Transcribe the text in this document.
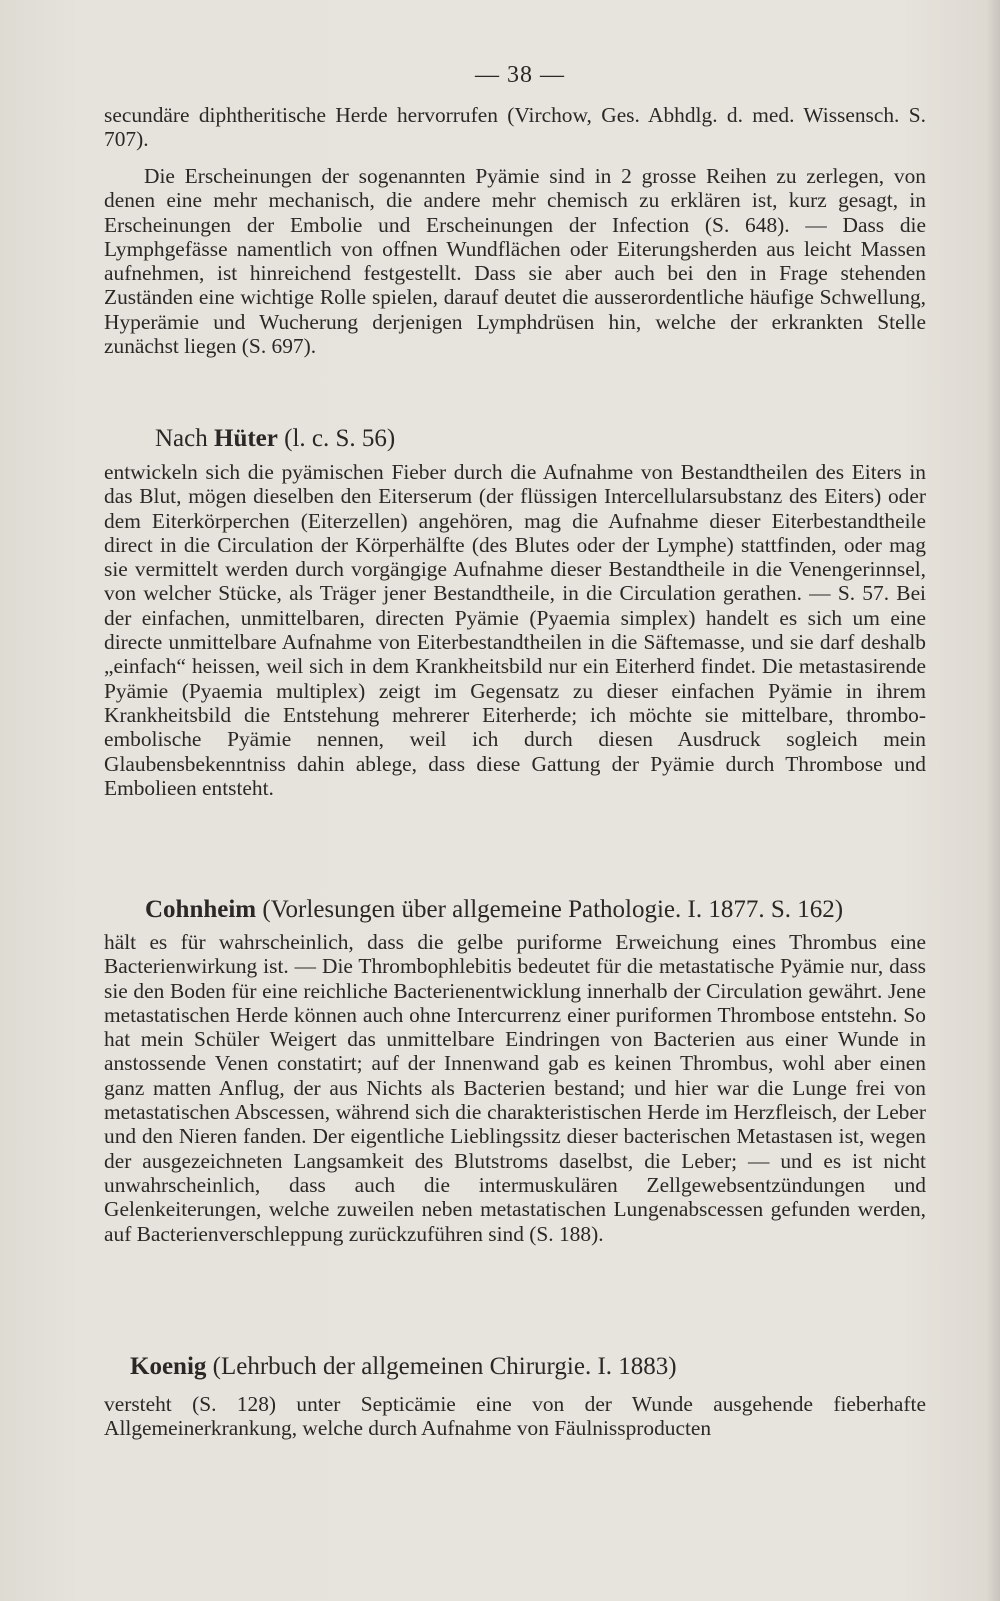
— 38 —

secundäre diphtheritische Herde hervorrufen (Virchow, Ges. Abhdlg. d. med. Wissensch. S. 707).

Die Erscheinungen der sogenannten Pyämie sind in 2 grosse Reihen zu zerlegen, von denen eine mehr mechanisch, die andere mehr chemisch zu erklären ist, kurz gesagt, in Erscheinungen der Embolie und Erscheinungen der Infection (S. 648). — Dass die Lymphgefässe namentlich von offnen Wundflächen oder Eiterungsherden aus leicht Massen aufnehmen, ist hinreichend festgestellt. Dass sie aber auch bei den in Frage stehenden Zuständen eine wichtige Rolle spielen, darauf deutet die ausserordentliche häufige Schwellung, Hyperämie und Wucherung derjenigen Lymphdrüsen hin, welche der erkrankten Stelle zunächst liegen (S. 697).

Nach Hüter (l. c. S. 56)

entwickeln sich die pyämischen Fieber durch die Aufnahme von Bestandtheilen des Eiters in das Blut, mögen dieselben den Eiterserum (der flüssigen Intercellularsubstanz des Eiters) oder dem Eiterkörperchen (Eiterzellen) angehören, mag die Aufnahme dieser Eiterbestandtheile direct in die Circulation der Körperhälfte (des Blutes oder der Lymphe) stattfinden, oder mag sie vermittelt werden durch vorgängige Aufnahme dieser Bestandtheile in die Venengerinnsel, von welcher Stücke, als Träger jener Bestandtheile, in die Circulation gerathen. — S. 57. Bei der einfachen, unmittelbaren, directen Pyämie (Pyaemia simplex) handelt es sich um eine directe unmittelbare Aufnahme von Eiterbestandtheilen in die Säftemasse, und sie darf deshalb „einfach“ heissen, weil sich in dem Krankheitsbild nur ein Eiterherd findet. Die metastasirende Pyämie (Pyaemia multiplex) zeigt im Gegensatz zu dieser einfachen Pyämie in ihrem Krankheitsbild die Entstehung mehrerer Eiterherde; ich möchte sie mittelbare, thrombo-embolische Pyämie nennen, weil ich durch diesen Ausdruck sogleich mein Glaubensbekenntniss dahin ablege, dass diese Gattung der Pyämie durch Thrombose und Embolieen entsteht.

Cohnheim (Vorlesungen über allgemeine Pathologie. I. 1877. S. 162)

hält es für wahrscheinlich, dass die gelbe puriforme Erweichung eines Thrombus eine Bacterienwirkung ist. — Die Thrombophlebitis bedeutet für die metastatische Pyämie nur, dass sie den Boden für eine reichliche Bacterienentwicklung innerhalb der Circulation gewährt. Jene metastatischen Herde können auch ohne Intercurrenz einer puriformen Thrombose entstehn. So hat mein Schüler Weigert das unmittelbare Eindringen von Bacterien aus einer Wunde in anstossende Venen constatirt; auf der Innenwand gab es keinen Thrombus, wohl aber einen ganz matten Anflug, der aus Nichts als Bacterien bestand; und hier war die Lunge frei von metastatischen Abscessen, während sich die charakteristischen Herde im Herzfleisch, der Leber und den Nieren fanden. Der eigentliche Lieblingssitz dieser bacterischen Metastasen ist, wegen der ausgezeichneten Langsamkeit des Blutstroms daselbst, die Leber; — und es ist nicht unwahrscheinlich, dass auch die intermuskulären Zellgewebsentzündungen und Gelenkeiterungen, welche zuweilen neben metastatischen Lungenabscessen gefunden werden, auf Bacterienverschleppung zurückzuführen sind (S. 188).

Koenig (Lehrbuch der allgemeinen Chirurgie. I. 1883)

versteht (S. 128) unter Septicämie eine von der Wunde ausgehende fieberhafte Allgemeinerkrankung, welche durch Aufnahme von Fäulnissproducten
